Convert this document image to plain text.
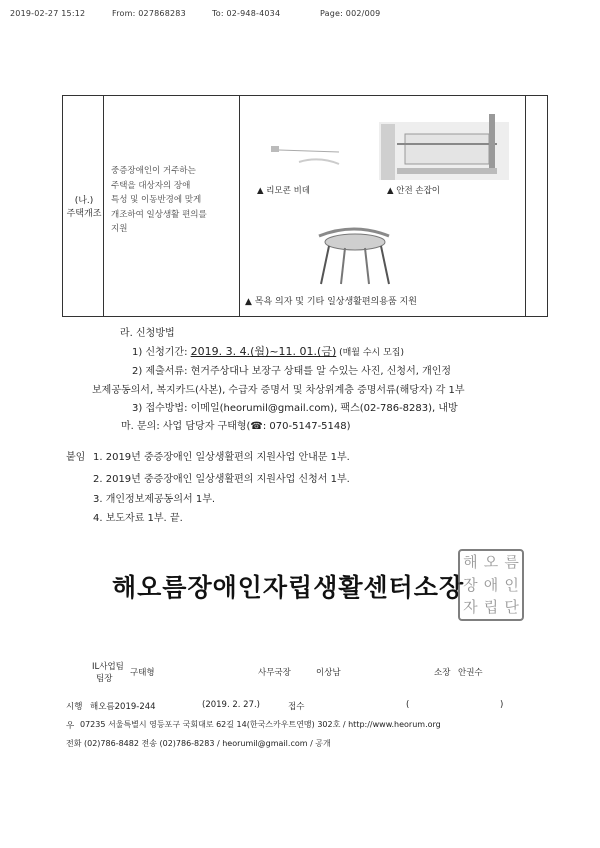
2019-02-27 15:12	From: 027868283	To: 02-948-4034	Page: 002/009
(나.)
주택개조
중증장애인이 거주하는
주택을 대상자의 장애
특성 및 이동반경에 맞게
개조하여 일상생활 편의를
지원
▲ 리모콘 비데	▲ 안전 손잡이
▲ 목욕 의자 및 기타 일상생활편의용품 지원
라. 신청방법
1) 신청기간: 2019. 3. 4.(월)~11. 01.(금) (매월 수시 모집)
2) 제출서류: 현거주상대나 보장구 상태를 알 수있는 사진, 신청서, 개인정
보제공동의서, 복지카드(사본), 수급자 증명서 및 차상위계층 증명서류(해당자) 각 1부
3) 접수방법: 이메일(heorumil@gmail.com), 팩스(02-786-8283), 내방
마. 문의: 사업 담당자 구태형(☎: 070-5147-5148)
붙임 1. 2019년 중증장애인 일상생활편의 지원사업 안내문 1부.
2. 2019년 중증장애인 일상생활편의 지원사업 신청서 1부.
3. 개인정보제공동의서 1부.
4. 보도자료 1부. 끝.
해오름장애인자립생활센터소장
해 오 름
장 애 인
자 립 단
IL사업팀
팀장
구태형	사무국장	이상남	소장 안권수
시행 해오름2019-244	(2019. 2. 27.)	접수	(	)
우 07235 서울특별시 영등포구 국회대로 62길 14(한국스카우트연맹) 302호 / http://www.heorum.org
전화 (02)786-8482 전송 (02)786-8283 / heorumil@gmail.com / 공개
